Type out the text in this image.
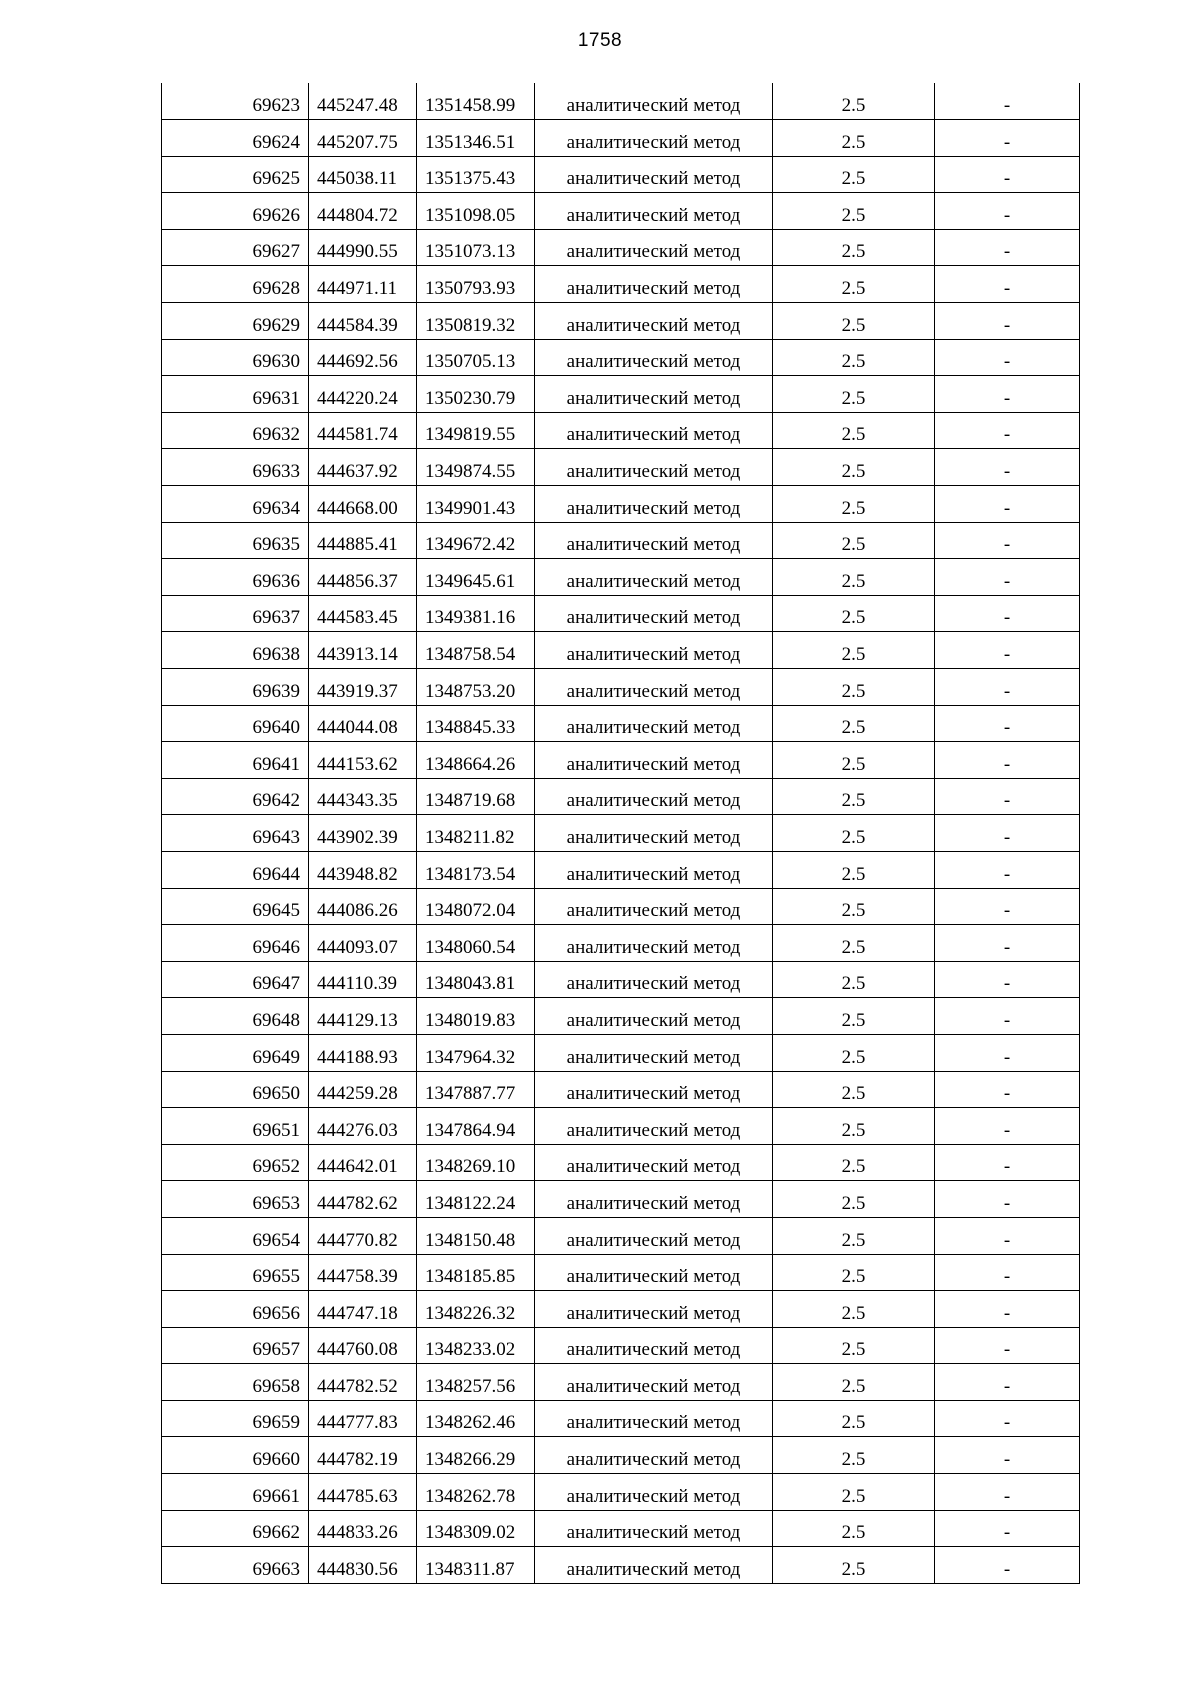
1758
69623	445247.48	1351458.99	аналитический метод	2.5	-
69624	445207.75	1351346.51	аналитический метод	2.5	-
69625	445038.11	1351375.43	аналитический метод	2.5	-
69626	444804.72	1351098.05	аналитический метод	2.5	-
69627	444990.55	1351073.13	аналитический метод	2.5	-
69628	444971.11	1350793.93	аналитический метод	2.5	-
69629	444584.39	1350819.32	аналитический метод	2.5	-
69630	444692.56	1350705.13	аналитический метод	2.5	-
69631	444220.24	1350230.79	аналитический метод	2.5	-
69632	444581.74	1349819.55	аналитический метод	2.5	-
69633	444637.92	1349874.55	аналитический метод	2.5	-
69634	444668.00	1349901.43	аналитический метод	2.5	-
69635	444885.41	1349672.42	аналитический метод	2.5	-
69636	444856.37	1349645.61	аналитический метод	2.5	-
69637	444583.45	1349381.16	аналитический метод	2.5	-
69638	443913.14	1348758.54	аналитический метод	2.5	-
69639	443919.37	1348753.20	аналитический метод	2.5	-
69640	444044.08	1348845.33	аналитический метод	2.5	-
69641	444153.62	1348664.26	аналитический метод	2.5	-
69642	444343.35	1348719.68	аналитический метод	2.5	-
69643	443902.39	1348211.82	аналитический метод	2.5	-
69644	443948.82	1348173.54	аналитический метод	2.5	-
69645	444086.26	1348072.04	аналитический метод	2.5	-
69646	444093.07	1348060.54	аналитический метод	2.5	-
69647	444110.39	1348043.81	аналитический метод	2.5	-
69648	444129.13	1348019.83	аналитический метод	2.5	-
69649	444188.93	1347964.32	аналитический метод	2.5	-
69650	444259.28	1347887.77	аналитический метод	2.5	-
69651	444276.03	1347864.94	аналитический метод	2.5	-
69652	444642.01	1348269.10	аналитический метод	2.5	-
69653	444782.62	1348122.24	аналитический метод	2.5	-
69654	444770.82	1348150.48	аналитический метод	2.5	-
69655	444758.39	1348185.85	аналитический метод	2.5	-
69656	444747.18	1348226.32	аналитический метод	2.5	-
69657	444760.08	1348233.02	аналитический метод	2.5	-
69658	444782.52	1348257.56	аналитический метод	2.5	-
69659	444777.83	1348262.46	аналитический метод	2.5	-
69660	444782.19	1348266.29	аналитический метод	2.5	-
69661	444785.63	1348262.78	аналитический метод	2.5	-
69662	444833.26	1348309.02	аналитический метод	2.5	-
69663	444830.56	1348311.87	аналитический метод	2.5	-
